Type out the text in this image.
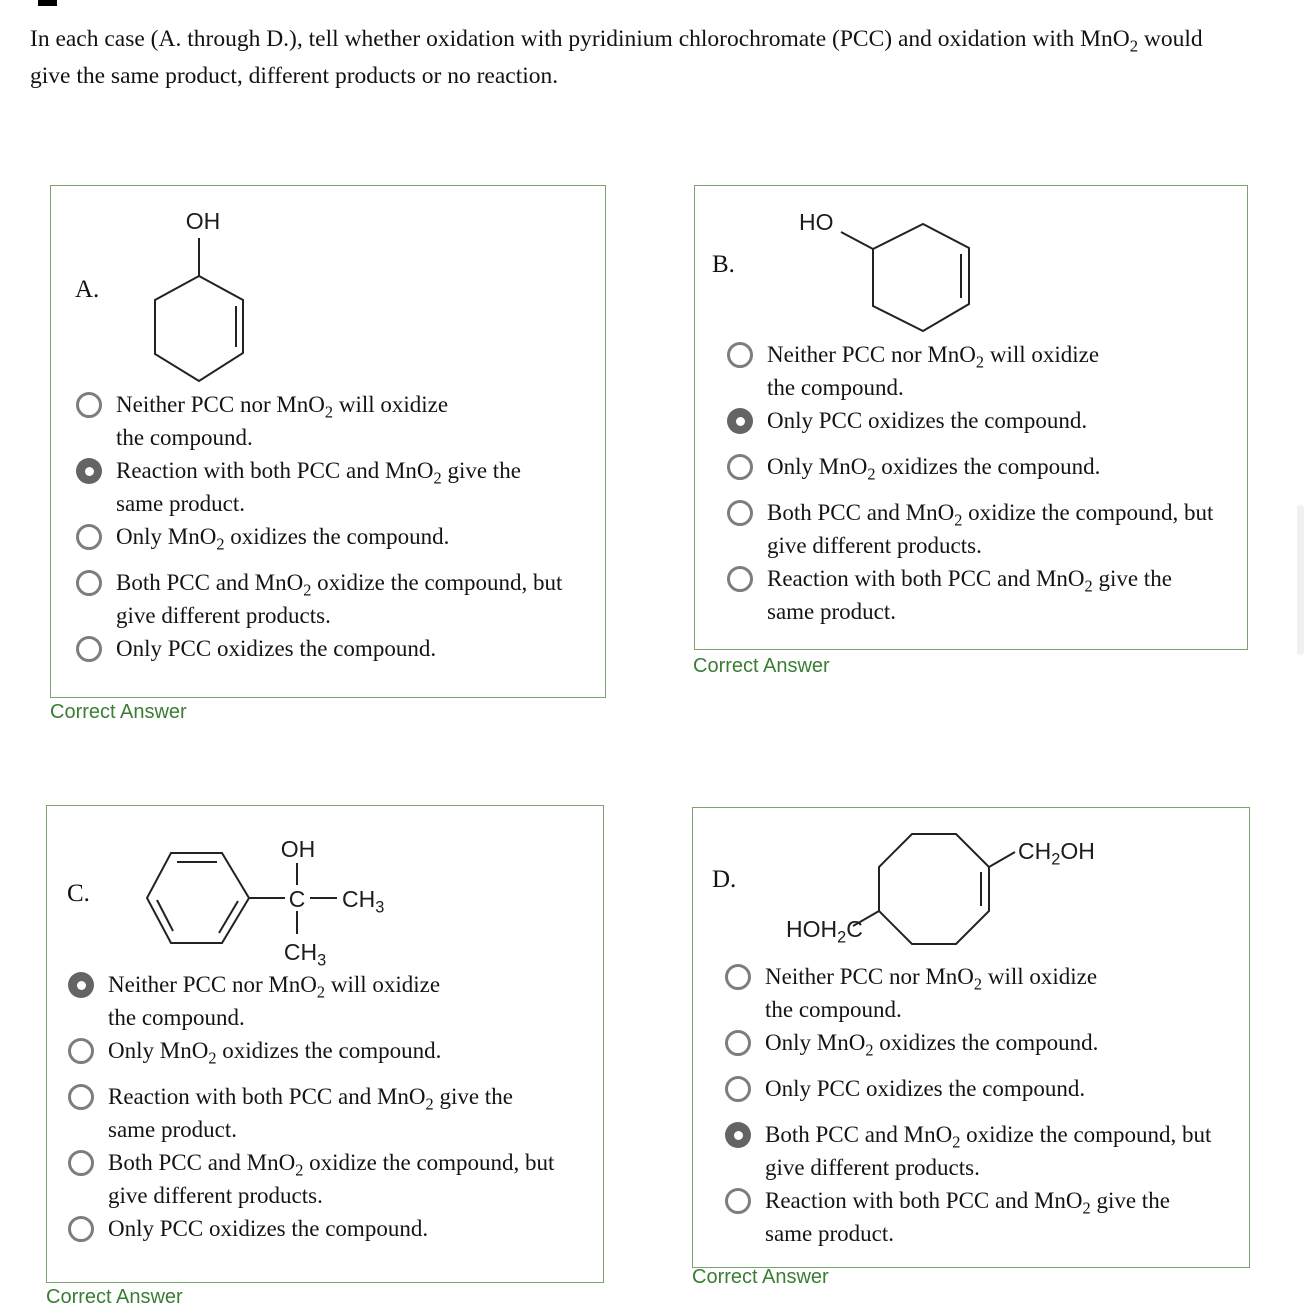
In each case (A. through D.), tell whether oxidation with pyridinium chlorochromate (PCC) and oxidation with MnO$_2$ would
give the same product, different products or no reaction.
A.
OH
Neither PCC nor MnO$_2$ will oxidize
the compound.
Reaction with both PCC and MnO$_2$ give the
same product.
Only MnO$_2$ oxidizes the compound.
Both PCC and MnO$_2$ oxidize the compound, but
give different products.
Only PCC oxidizes the compound.
Correct Answer
B.
HO
Neither PCC nor MnO$_2$ will oxidize
the compound.
Only PCC oxidizes the compound.
Only MnO$_2$ oxidizes the compound.
Both PCC and MnO$_2$ oxidize the compound, but
give different products.
Reaction with both PCC and MnO$_2$ give the
same product.
Correct Answer
C.
OH
C $CH_3$
$CH_3$
Neither PCC nor MnO$_2$ will oxidize
the compound.
Only MnO$_2$ oxidizes the compound.
Reaction with both PCC and MnO$_2$ give the
same product.
Both PCC and MnO$_2$ oxidize the compound, but
give different products.
Only PCC oxidizes the compound.
Correct Answer
D.
$CH_2OH$
$HOH_2C$
Neither PCC nor MnO$_2$ will oxidize
the compound.
Only MnO$_2$ oxidizes the compound.
Only PCC oxidizes the compound.
Both PCC and MnO$_2$ oxidize the compound, but
give different products.
Reaction with both PCC and MnO$_2$ give the
same product.
Correct Answer
